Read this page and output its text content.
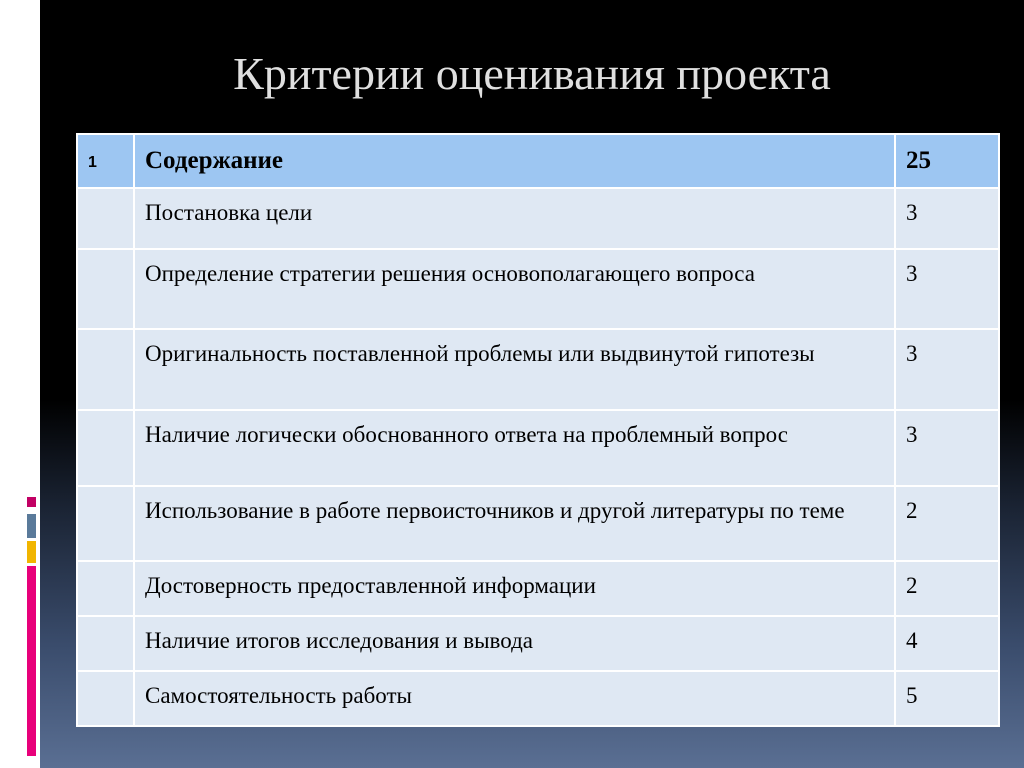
Критерии оценивания проекта
1	Содержание	25
	Постановка цели	3
	Определение стратегии решения основополагающего вопроса	3
	Оригинальность поставленной проблемы или выдвинутой гипотезы	3
	Наличие логически обоснованного ответа на проблемный вопрос	3
	Использование в работе первоисточников и другой литературы по теме	2
	Достоверность предоставленной информации	2
	Наличие итогов исследования и вывода	4
	Самостоятельность работы	5
